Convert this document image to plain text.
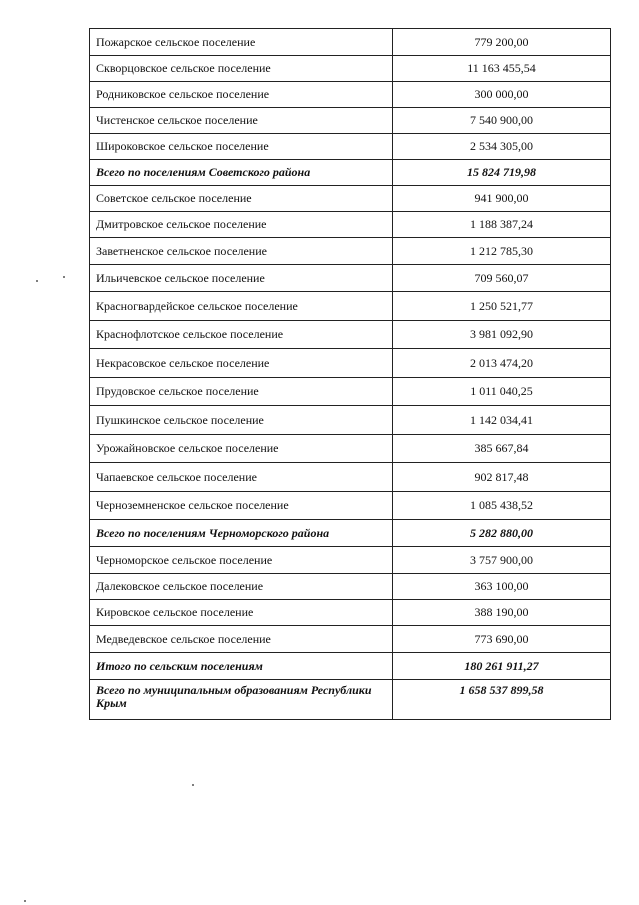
Пожарское сельское поселение	779 200,00
Скворцовское сельское поселение	11 163 455,54
Родниковское сельское поселение	300 000,00
Чистенское сельское поселение	7 540 900,00
Широковское сельское поселение	2 534 305,00
Всего по поселениям Советского района	15 824 719,98
Советское сельское поселение	941 900,00
Дмитровское сельское поселение	1 188 387,24
Заветненское сельское поселение	1 212 785,30
Ильичевское сельское поселение	709 560,07
Красногвардейское сельское поселение	1 250 521,77
Краснофлотское сельское поселение	3 981 092,90
Некрасовское сельское поселение	2 013 474,20
Прудовское сельское поселение	1 011 040,25
Пушкинское сельское поселение	1 142 034,41
Урожайновское сельское поселение	385 667,84
Чапаевское сельское поселение	902 817,48
Черноземненское сельское поселение	1 085 438,52
Всего по поселениям Черноморского района	5 282 880,00
Черноморское сельское поселение	3 757 900,00
Далековское сельское поселение	363 100,00
Кировское сельское поселение	388 190,00
Медведевское сельское поселение	773 690,00
Итого по сельским поселениям	180 261 911,27
Всего по муниципальным образованиям Республики Крым	1 658 537 899,58
